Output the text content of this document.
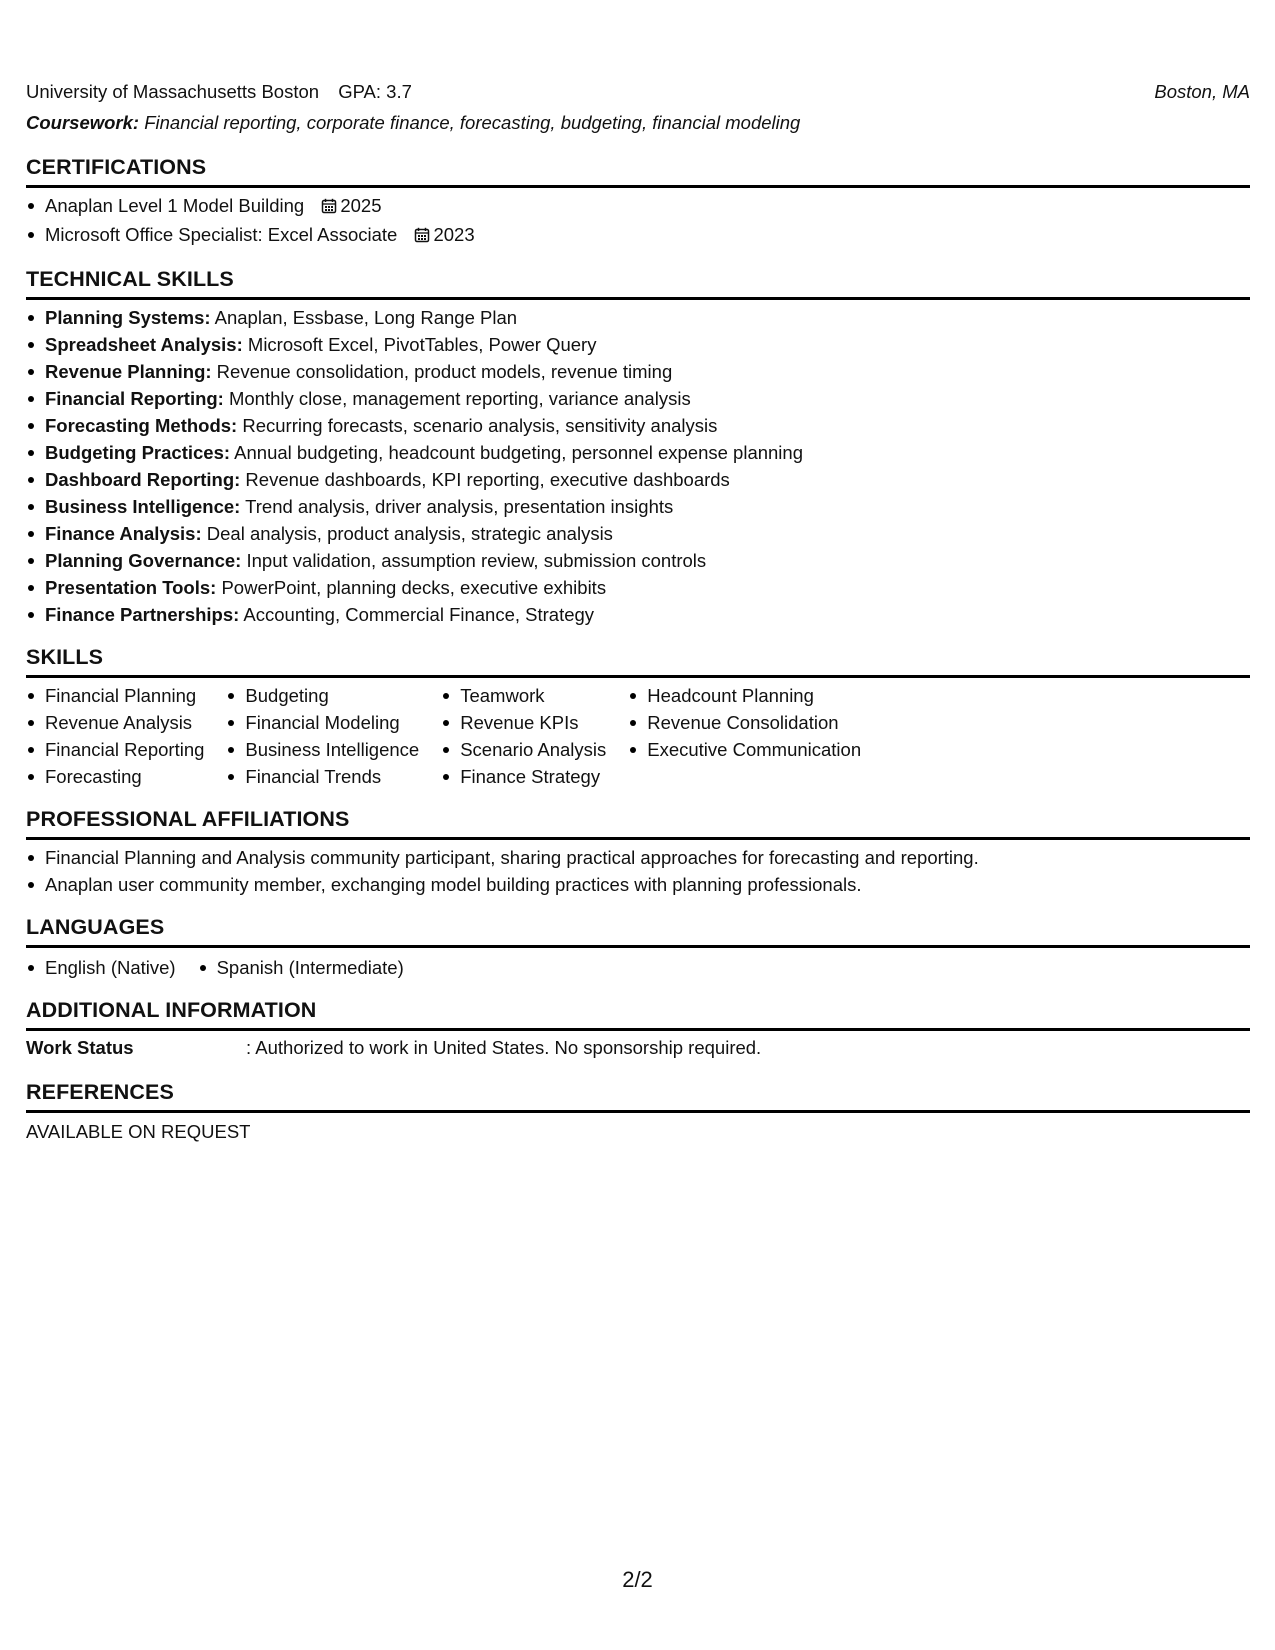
University of Massachusetts Boston GPA: 3.7	Boston, MA
Coursework: Financial reporting, corporate finance, forecasting, budgeting, financial modeling
CERTIFICATIONS
Anaplan Level 1 Model Building 2025
Microsoft Office Specialist: Excel Associate 2023
TECHNICAL SKILLS
Planning Systems: Anaplan, Essbase, Long Range Plan
Spreadsheet Analysis: Microsoft Excel, PivotTables, Power Query
Revenue Planning: Revenue consolidation, product models, revenue timing
Financial Reporting: Monthly close, management reporting, variance analysis
Forecasting Methods: Recurring forecasts, scenario analysis, sensitivity analysis
Budgeting Practices: Annual budgeting, headcount budgeting, personnel expense planning
Dashboard Reporting: Revenue dashboards, KPI reporting, executive dashboards
Business Intelligence: Trend analysis, driver analysis, presentation insights
Finance Analysis: Deal analysis, product analysis, strategic analysis
Planning Governance: Input validation, assumption review, submission controls
Presentation Tools: PowerPoint, planning decks, executive exhibits
Finance Partnerships: Accounting, Commercial Finance, Strategy
SKILLS
Financial Planning
Revenue Analysis
Financial Reporting
Forecasting
Budgeting
Financial Modeling
Business Intelligence
Financial Trends
Teamwork
Revenue KPIs
Scenario Analysis
Finance Strategy
Headcount Planning
Revenue Consolidation
Executive Communication
PROFESSIONAL AFFILIATIONS
Financial Planning and Analysis community participant, sharing practical approaches for forecasting and reporting.
Anaplan user community member, exchanging model building practices with planning professionals.
LANGUAGES
English (Native)	Spanish (Intermediate)
ADDITIONAL INFORMATION
Work Status	: Authorized to work in United States. No sponsorship required.
REFERENCES
AVAILABLE ON REQUEST
2/2
